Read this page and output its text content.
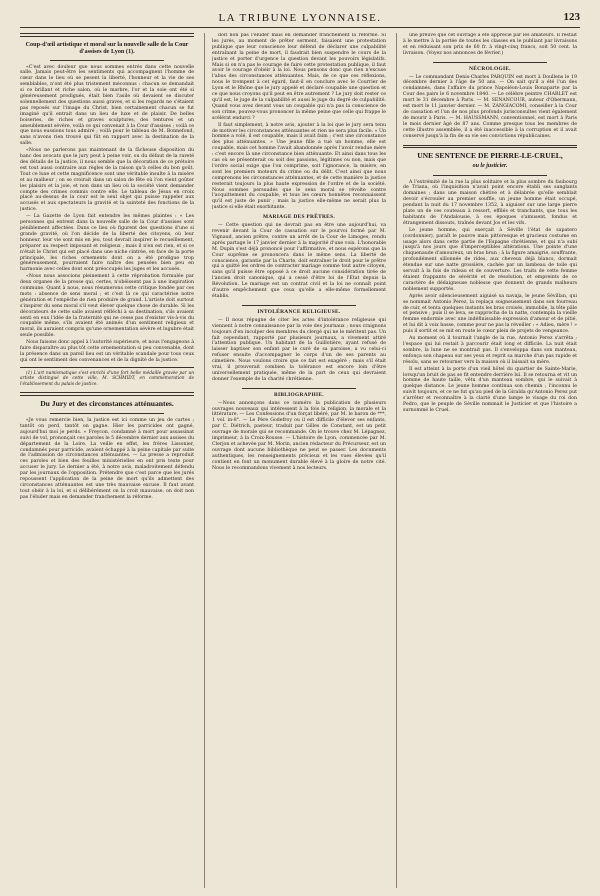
LA TRIBUNE LYONNAISE.	123
Coup-d'œil artistique et moral sur la nouvelle salle de la Cour d'assises de Lyon (1).

«C'est avec douleur que nous sommes entrés dans cette nouvelle salle. Jamais peut-être les sentiments qui accompagnent l'homme de cœur dans le lieu où se pesent la liberté, l'honneur et la vie de ses semblables, n'ont été plus tristement méconnus : chacun se demandait si ce brillant et riche salon, où le marbre, l'or et la soie ont été si généreusement prodigués, était bien l'asile où devaient se discuter solennellement des questions aussi graves, et si les regards ne s'étaient pas reposés sur l'image du Christ, bien certainement chacun se fut imaginé qu'il entrait dans un lieu de luxe et de plaisir. De belles boiseries, de riches et graves sculptures, des tentures et un ameublement sévère, voilà ce qui convenait à la Cour d'assises ; voilà ce que nous eussions tous admiré ; voilà pour le tableau de M. Bonnefond, sans n'avons rien trouvé qui fût en rapport avec la destination de la salle.

«Nous ne parlerons pas maintenant de la fâcheuse disposition du banc des avocats que le jury peut à peine voir, ou du défaut de la rareté des détails de la justice, il nous semble que la décoration de ce prétoire est tout aussi contraire aux règles de la raison qu'à celles du bon goût. Tout ce luxe et cette magnificence sont une véritable insulte à la misère et au malheur ; on se croirait dans un salon de fête où l'on vient goûter les plaisirs et la joie, et non dans un lieu où la société vient demander compte des crimes commis contre elle. Le tableau de Jésus en croix placé au-dessus de la cour est le seul objet qui puisse rappeler aux accusés et aux spectateurs la gravité et la sainteté des fonctions de la justice.

— La Gazette de Lyon fait entendre les mêmes plaintes : « Les personnes qui entrent dans la nouvelle salle de la Cour d'assises sont péniblement affectées. Dans ce lieu où figurent des questions d'une si grande gravité, où l'on décide de la liberté des citoyens, où leur honneur, leur vie sont mis en jeu, tout devrait inspirer le recueillement, préparer au respect imposant et religieux ; mais il n'en est rien, et si ce n'était le Christ qui est placé dans une niche cintrée, en face de la porte principale, les riches ornements dont on a été prodigue trop généreusement, pourraient faire naître des pensées bien peu en harmonie avec celles dont sont préoccupés les juges et les accusés.

«Nous nous associons pleinement à cette réprobation formulée par deux organes de la presse qui, certes, n'obéissent pas à une inspiration commune. Quant à nous, nous résumerons cette critique fondée par ces mots : absence de sens moral ; et c'est là ce qui caractérise notre génération et l'empêche de rien produire de grand. L'artiste doit surtout s'inspirer du sens moral s'il veut élever quelque chose de durable. Si les décorateurs de cette salle avaient réfléchi à sa destination, s'ils avaient senti en eux l'idée de la fraternité qui ne cesse pas d'exister vis-à-vis du coupable même, s'ils avaient été animés d'un sentiment religieux et moral, ils auraient compris qu'une ornementation sévère et lugubre était seule possible.

Nous faisons donc appel à l'autorité supérieure, et nous l'engageons à faire disparaître au plus tôt cette ornementation si peu convenable, dont la présence dans un pareil lieu est un véritable scandale pour tous ceux qui ont le sentiment des convenances et de la dignité de la justice.

(1) L'art numismatique s'est enrichi d'une fort belle médaille gravée par un artiste distingué de cette ville, M. SCHMIDT, en commémoration de l'établissement du palais de justice.

Du Jury et des circonstances atténuantes.

«Je vous remercie bien, la justice est ici comme un jeu de cartes ; tantôt on perd, tantôt on gagne. Hier les parricides ont gagné, aujourd'hui moi je perds. » Freycon, condamné à mort pour assassinat suivi de vol, prononçait ces paroles le 5 décembre dernier aux assises du département de la Loire. La veille en effet, les frères Lissonier, condamnés pour parricide, avaient échappé à la peine capitale par suite de l'admission de circonstances atténuantes. — La presse a reproduit ces paroles et bien des feuilles ministérielles en ont pris texte pour accuser le jury. Le dernier a été, à notre avis, maladroitement défendu par les journaux de l'opposition. Prétendre que c'est parce que les jurés repoussent l'application de la peine de mort qu'ils admettent des circonstances atténuantes est une très mauvaise excuse. Il faut avant tout obéir à la loi, et si délibérément on la croit mauvaise, on doit non pas l'éluder mais en demander franchement la réforme.

doit non pas l'éluder mais en demander franchement la réforme. Si les jurés, au moment de prêter serment, faisaient une protestation publique que leur conscience leur défend de déclarer une culpabilité entraînant la peine de mort, il faudrait bien suspendre le cours de la justice et porter d'urgence la question devant les pouvoirs législatifs. Mais si on n'a pas le courage de faire cette protestation publique, il faut avoir le courage d'obéir à la loi. Nous pensons donc que rien n'excuse l'abus des circonstances atténuantes. Mais, de ce que ces réflexions, nous le trompent à cet égard, faut-il en conclure avec le Courrier de Lyon et le Rhône que le jury appelé et déclaré coupable une question et ce que nous croyons qu'il peut en être autrement ? Le jury doit rester ce qu'il est, le juge de la culpabilité et aussi le juge du degré de culpabilité. Quand vous avez devant vous un coupable qui n'a pas la conscience de son crime, pouvez-vous prononcer la même peine que celle qui frappe le scélérat endurci ?

Il faut simplement, à notre avis, ajouter à la loi que le jury sera tenu de motiver les circonstances atténuantes et rien ne sera plus facile. « Un homme a volé, il est coupable, mais il avait faim ; c'est une circonstance des plus atténuantes. » Une jeune fille a tué un homme, elle est coupable, mais cet homme l'avait abandonnée après l'avoir rendue mère : c'est encore là une circonstance bien atténuante. Et ainsi dans tous les cas où se présenterait ou soit des passions, légitimes ou non, mais que l'ordre social exige que l'on comprime, soit l'ignorance, la misère, en sont les premiers moteurs du crime ou du délit. C'est ainsi que nous comprenons les circonstances atténuantes, et de cette manière la justice resterait toujours la plus haute expression de l'ordre et de la société. Nous sommes persuadés que le sens moral se révolte contre l'acquittement du coupable, et tous les cœurs honnêtes reconnaissent qu'il est juste de punir ; mais la justice elle-même ne serait plus la justice si elle était exorbitante.

MARIAGE DES PRÊTRES.

— Cette question qui ne devrait pas en être une aujourd'hui, va revenir devant la Cour de cassation sur le pourvoi formé par M. Vignaud, ancien prêtre, contre un arrêt de la Cour de Limoges, rendu après partage le 17 janvier dernier à la majorité d'une voix. L'honorable M. Dupin s'est déjà prononcé pour l'affirmative, et nous espérons que la Cour suprême se prononcera dans le même sens. La liberté de conscience, garantie par la Charte, doit entraîner le droit pour le prêtre qui a quitté les ordres de contracter mariage comme tout autre citoyen, sans qu'il puisse être opposé à ce droit aucune considération tirée de l'ancien droit canonique, qui a cessé d'être loi de l'État depuis la Révolution. Le mariage est un contrat civil et la loi ne connaît point d'autre empêchement que ceux qu'elle a elle-même formellement établis.

INTOLÉRANCE RELIGIEUSE.

— Il nous répugne de citer les actes d'intolérance religieuse qui viennent à notre connaissance par la voie des journaux ; nous craignons toujours d'en inculper des membres du clergé qui ne le méritent pas. Un fait cependant, rapporté par plusieurs journaux, a vivement attiré l'attention publique. Un habitant de la Guillotière, ayant refusé de laisser baptiser son enfant par le curé de sa paroisse, a vu celui-ci refuser ensuite d'accompagner le corps d'un de ses parents au cimetière. Nous voulons croire que ce fait est exagéré ; mais s'il était vrai, il prouverait combien la tolérance est encore loin d'être universellement pratiquée, même de la part de ceux qui devraient donner l'exemple de la charité chrétienne.

BIBLIOGRAPHIE.

—Nous annonçons dans ce numéro la publication de plusieurs ouvrages nouveaux qui intéressent à la fois la religion, la morale et la littérature. — Les Confessions d'un forçat libéré, par M. le baron de ***, 1 vol. in-8°. — Le Père Godefroy ou il est difficile d'élever ses enfants, par C. Diétrich, pasteur, traduit par Gilles de Constant, est un petit ouvrage de morale qui se recommande. On le trouve chez M. Lépagnez, imprimeur, à la Croix-Rousse. — L'histoire de Lyon, commencée par M. Clerjon et achevée par M. Morin, ancien rédacteur du Précurseur, est un ouvrage dont aucune bibliothèque ne peut se passer. Les documents authentiques, les renseignements précieux et les vues élevées qu'il contient en font un monument durable élevé à la gloire de notre cité. Nous le recommandons vivement à nos lecteurs.

une preuve que cet ouvrage a été apprécié par les amateurs. Il restait à le mettre à la portée de toutes les classes en le publiant par livraisons et en réduisant son prix de 60 fr. à vingt-cinq francs, soit 50 cent. la livraison. (Voyez nos annonces de février.)

NÉCROLOGIE.

— Le commandant Denis-Charles PARQUIN est mort à Doullens le 19 décembre dernier à l'âge de 50 ans. — On sait qu'il a été l'un des condamnés, dans l'affaire du prince Napoléon-Louis Bonaparte par la Cour des pairs le 6 novembre 1840. — Le célèbre peintre CHARLET est mort le 31 décembre à Paris. — M. SENANCOUR, auteur d'Obermann, est mort le 11 janvier dernier. — M. ZANGIACOMI, conseiller à la Cour de cassation et l'un de nos plus profonds jurisconsultes vient également de mourir à Paris. — M. HAUSSMANN, conventionnel, est mort à Paris le mois dernier âgé de 87 ans. Comme presque tous les membres de cette illustre assemblée, il a été inaccessible à la corruption et il avait conservé jusqu'à la fin de sa vie ses convictions républicaines.

UNE SENTENCE DE PIERRE-LE-CRUEL,
ou le justicier.

A l'extrémité de la rue la plus solitaire et la plus sombre du faubourg de Triana, où l'inquisition n'avait point encore établi ses sanglants domaines ; dans une maison chétive et à délabrée qu'elle semblait devoir s'écrouler au premier souffle, un jeune homme était occupé, pendant la nuit du 17 novembre 1352, à aiguiser sur une large pierre plate un de ces couteaux à ressort, effilés et tranchants, que tous les habitants de l'Andalousie, à ces époques s'amusent, fondus et étrangement dissouts, traînés devant Jos et les vifs.

Le jeune homme, qui exerçait à Séville l'état de sapatero (cordonnier), paraît le pauvre mais pittoresque et gracieux costume en usage alors dans cette partie de l'Espagne chrétienne, et qui n'a subi jusqu'à nos jours que d'imperceptibles altérations. Une pointe d'une chiquenaude d'amoureux, un bras brun ; à la figure amaigrie, souffrante, profondément sillonnée de rides, aux cheveux déjà blancs, dormait étendue sur une natte grossière, cachée par un lambeau de toile qui servait à la fois de rideau et de couverture. Les traits de cette femme étaient frappants de sévérité et de résolution, et empreints de ce caractère de dédaigneuse noblesse que donnent de grands malheurs noblement supportés.

Après avoir silencieusement aiguisé sa navaja, le jeune Sévillan, qui se nommait Antonio Perez, la replaça soigneusement dans son fourreau de cuir, et tenta quelques instants les bras croisés, immobile, la tête pâle et pensive ; puis il se leva, se rapprocha de la natte, contempla la vieille femme endormie avec une indéfinissable expression d'amour et de pitié, et lui dit à voix basse, comme pour ne pas la réveiller : « Adieu, mère ! » puis il sortit et se mit en route le cœur plein de projets de vengeance.

Au moment où il tournait l'angle de la rue, Antonio Perez s'arrêta ; l'espace qui lui restait à parcourir était long et difficile. La nuit était sombre, la lune ne se montrait pas. Il s'enveloppa dans son manteau, enfonça son chapeau sur ses yeux et reprit sa marche d'un pas rapide et résolu, sans se retourner vers la maison où il laissait sa mère.

Il est atteint à la porte d'un vieil hôtel du quartier de Sainte-Marie, lorsqu'un bruit de pas se fit entendre derrière lui. Il se retourna et vit un homme de haute taille, vêtu d'un manteau sombre, qui le suivait à quelque distance. Le jeune homme continua son chemin ; l'inconnu le suivit toujours, et ce ne fut qu'au pied de la Giralda qu'Antonio Perez put s'arrêter et reconnaître à la clarté d'une lampe le visage du roi don Pedro, que le peuple de Séville nommait le Justicier et que l'histoire a surnommé le Cruel.
